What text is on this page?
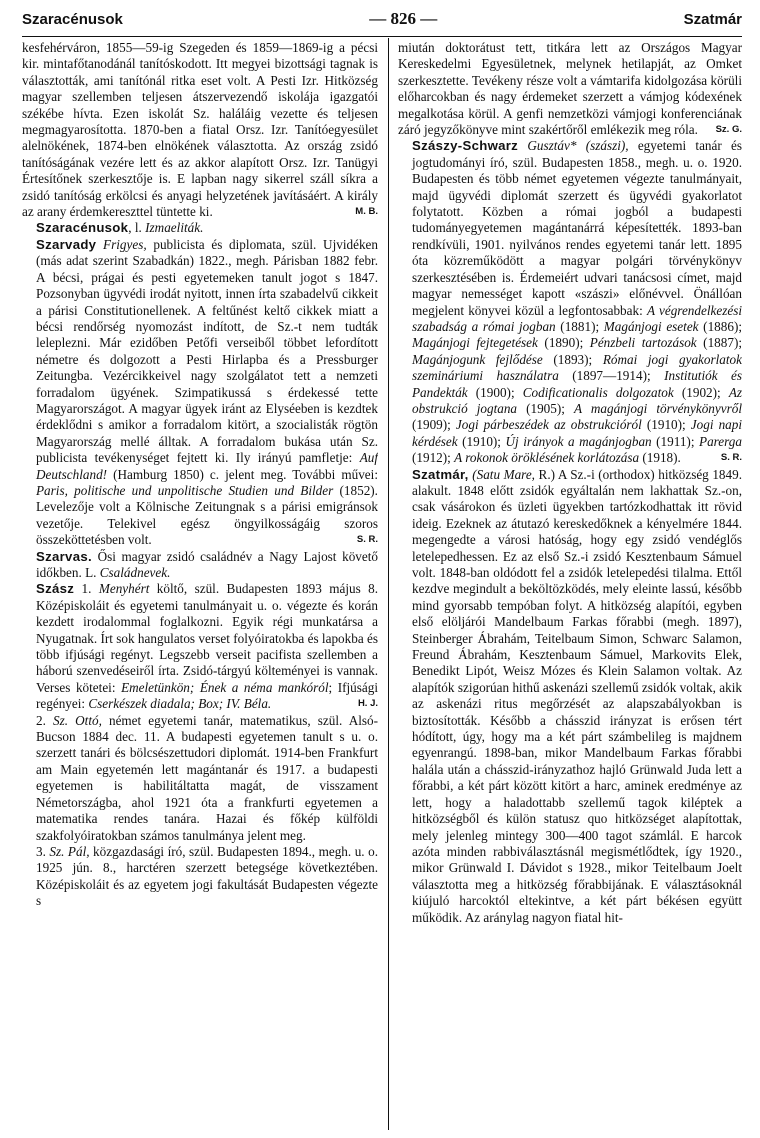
Szaracénusok	— 826 —	Szatmár

kesfehérváron, 1855—59-ig Szegeden és 1859—1869-ig a pécsi kir. mintafőtanodánál tanítóskodott. Itt megyei bizottsági tagnak is választották, ami tanítónál ritka eset volt. A Pesti Izr. Hitközség magyar szellemben teljesen átszervezendő iskolája igazgatói székébe hívta. Ezen iskolát Sz. haláláig vezette és teljesen megmagyarosította. 1870-ben a fiatal Orsz. Izr. Tanítóegyesület alelnökének, 1874-ben elnökének választotta. Az ország zsidó tanítóságának vezére lett és az akkor alapított Orsz. Izr. Tanügyi Értesítőnek szerkesztője is. E lapban nagy sikerrel száll síkra a zsidó tanítóság erkölcsi és anyagi helyzetének javításáért. A király az arany érdemkereszttel tüntette ki.	M. B.

Szaracénusok, l. Izmaeliták.

Szarvady Frigyes, publicista és diplomata, szül. Ujvidéken (más adat szerint Szabadkán) 1822., megh. Párisban 1882 febr. A bécsi, prágai és pesti egyetemeken tanult jogot s 1847. Pozsonyban ügyvédi irodát nyitott, innen írta szabadelvű cikkeit a párisi Constitutionellenek. A feltűnést keltő cikkek miatt a bécsi rendőrség nyomozást indított, de Sz.-t nem tudták leleplezni. Már ezidőben Petőfi verseiből többet lefordított németre és dolgozott a Pesti Hirlapba és a Pressburger Zeitungba. Vezércikkeivel nagy szolgálatot tett a nemzeti forradalom ügyének. Szimpatikussá s érdekessé tette Magyarországot. A magyar ügyek iránt az Elyséeben is kezdtek érdeklődni s amikor a forradalom kitört, a szocialisták rögtön Magyarország mellé álltak. A forradalom bukása után Sz. publicista tevékenységet fejtett ki. Ily irányú pamfletje: Auf Deutschland! (Hamburg 1850) c. jelent meg. További művei: Paris, politische und unpolitische Studien und Bilder (1852). Levelezője volt a Kölnische Zeitungnak s a párisi emigránsok vezetője. Telekivel egész öngyilkosságáig szoros összeköttetésben volt.	S. R.

Szarvas. Ősi magyar zsidó családnév a Nagy Lajost követő időkben. L. Családnevek.

Szász 1. Menyhért költő, szül. Budapesten 1893 május 8. Középiskoláit és egyetemi tanulmányait u. o. végezte és korán kezdett irodalommal foglalkozni. Egyik régi munkatársa a Nyugatnak. Írt sok hangulatos verset folyóiratokba és lapokba és több ifjúsági regényt. Legszebb verseit pacifista szellemben a háború szenvedéseiről írta. Zsidó-tárgyú költeményei is vannak. Verses kötetei: Emeletünkön; Ének a néma mankóról; Ifjúsági regényei: Cserkészek diadala; Box; IV. Béla.	H. J.

2. Sz. Ottó, német egyetemi tanár, matematikus, szül. Alsó-Bucson 1884 dec. 11. A budapesti egyetemen tanult s u. o. szerzett tanári és bölcsészettudori diplomát. 1914-ben Frankfurt am Main egyetemén lett magántanár és 1917. a budapesti egyetemen is habilitáltatta magát, de visszament Németországba, ahol 1921 óta a frankfurti egyetemen a matematika rendes tanára. Hazai és főkép külföldi szakfolyóiratokban számos tanulmánya jelent meg.

3. Sz. Pál, közgazdasági író, szül. Budapesten 1894., megh. u. o. 1925 jún. 8., harctéren szerzett betegsége következtében. Középiskoláit és az egyetem jogi fakultását Budapesten végezte s

miután doktorátust tett, titkára lett az Országos Magyar Kereskedelmi Egyesületnek, melynek hetilapját, az Omket szerkesztette. Tevékeny része volt a vámtarifa kidolgozása körüli előharcokban és nagy érdemeket szerzett a vámjog kódexének megalkotása körül. A genfi nemzetközi vámjogi konferenciának záró jegyzőkönyve mint szakértőről emlékezik meg róla. Sz. G.

Szászy-Schwarz Gusztáv* (szászi), egyetemi tanár és jogtudományi író, szül. Budapesten 1858., megh. u. o. 1920. Budapesten és több német egyetemen végezte tanulmányait, majd ügyvédi diplomát szerzett és ügyvédi gyakorlatot folytatott. Közben a római jogból a budapesti tudományegyetemen magántanárrá képesítették. 1893-ban rendkívüli, 1901. nyilvános rendes egyetemi tanár lett. 1895 óta közreműködött a magyar polgári törvénykönyv szerkesztésében is. Érdemeiért udvari tanácsosi címet, majd magyar nemességet kapott «szászi» előnévvel. Önállóan megjelent könyvei közül a legfontosabbak: A végrendelkezési szabadság a római jogban (1881); Magánjogi esetek (1886); Magánjogi fejtegetések (1890); Pénzbeli tartozások (1887); Magánjogunk fejlődése (1893); Római jogi gyakorlatok szemináriumi használatra (1897—1914); Institutiók és Pandekták (1900); Codificationalis dolgozatok (1902); Az obstrukció jogtana (1905); A magánjogi törvénykönyvről (1909); Jogi párbeszédek az obstrukcióról (1910); Jogi napi kérdések (1910); Új irányok a magánjogban (1911); Parerga (1912); A rokonok öröklésének korlátozása (1918).	S. R.

Szatmár, (Satu Mare, R.) A Sz.-i (orthodox) hitközség 1849. alakult. 1848 előtt zsidók egyáltalán nem lakhattak Sz.-on, csak vásárokon és üzleti ügyekben tartózkodhattak itt rövid ideig. Ezeknek az átutazó kereskedőknek a kényelmére 1844. megengedte a városi hatóság, hogy egy zsidó vendéglős letelepedhessen. Ez az első Sz.-i zsidó Kesztenbaum Sámuel volt. 1848-ban oldódott fel a zsidók letelepedési tilalma. Ettől kezdve megindult a beköltözködés, mely eleinte lassú, később mind gyorsabb tempóban folyt. A hitközség alapítói, egyben első elöljárói Mandelbaum Farkas főrabbi (megh. 1897), Steinberger Ábrahám, Teitelbaum Simon, Schwarc Salamon, Freund Ábrahám, Kesztenbaum Sámuel, Markovits Elek, Benedikt Lipót, Weisz Mózes és Klein Salamon voltak. Az alapítók szigorúan hithű askenázi szellemű zsidók voltak, akik az askenázi ritus megőrzését az alapszabályokban is biztosították. Később a chásszid irányzat is erősen tért hódított, úgy, hogy ma a két párt számbelileg is majdnem egyenrangú. 1898-ban, mikor Mandelbaum Farkas főrabbi halála után a chásszid-irányzathoz hajló Grünwald Juda lett a főrabbi, a két párt között kitört a harc, aminek eredménye az lett, hogy a haladottabb szellemű tagok kiléptek a hitközségből és külön statusz quo hitközséget alapítottak, mely jelenleg mintegy 300—400 tagot számlál. E harcok azóta minden rabbiválasztásnál megismétlődtek, így 1920., mikor Grünwald I. Dávidot s 1928., mikor Teitelbaum Joelt választotta meg a hitközség főrabbijának. E választásoknál kiújuló harcoktól eltekintve, a két párt békésen együtt működik. Az aránylag nagyon fiatal hit-
